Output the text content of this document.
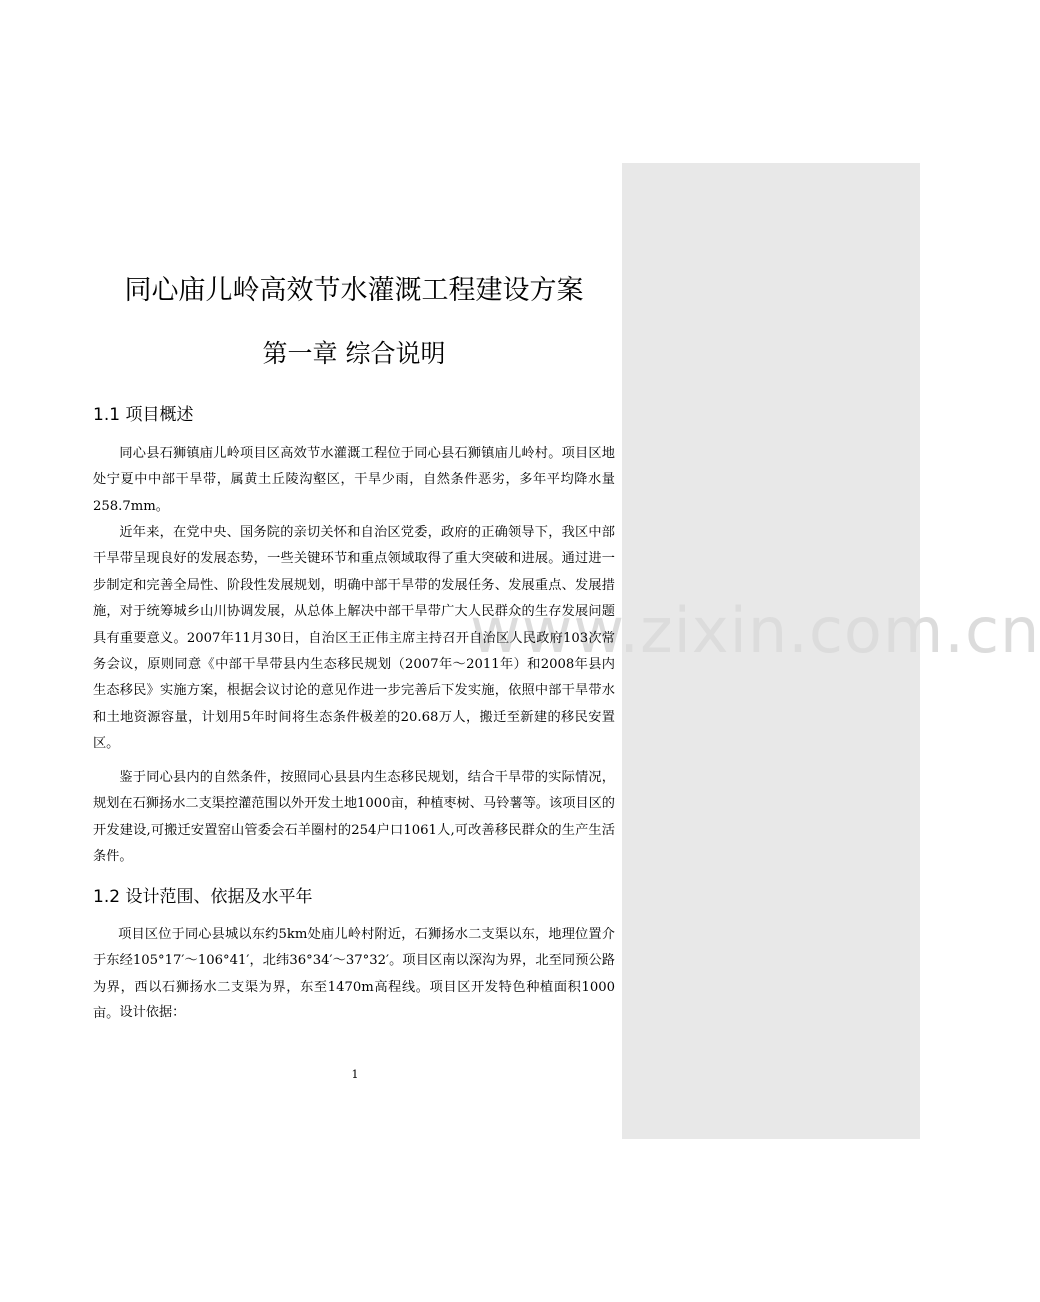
www.zixin.com.cn
同心庙儿岭高效节水灌溉工程建设方案
第一章 综合说明
1.1 项目概述

同心县石狮镇庙儿岭项目区高效节水灌溉工程位于同心县石狮镇庙儿岭村。项目区地处宁夏中中部干旱带，属黄土丘陵沟壑区，干旱少雨，自然条件恶劣，多年平均降水量258.7mm。

近年来，在党中央、国务院的亲切关怀和自治区党委，政府的正确领导下，我区中部干旱带呈现良好的发展态势，一些关键环节和重点领域取得了重大突破和进展。通过进一步制定和完善全局性、阶段性发展规划，明确中部干旱带的发展任务、发展重点、发展措施，对于统筹城乡山川协调发展，从总体上解决中部干旱带广大人民群众的生存发展问题具有重要意义。2007年11月30日，自治区王正伟主席主持召开自治区人民政府103次常务会议，原则同意《中部干旱带县内生态移民规划（2007年～2011年）和2008年县内生态移民》实施方案，根据会议讨论的意见作进一步完善后下发实施，依照中部干旱带水和土地资源容量，计划用5年时间将生态条件极差的20.68万人，搬迁至新建的移民安置区。

鉴于同心县内的自然条件，按照同心县县内生态移民规划，结合干旱带的实际情况，规划在石狮扬水二支渠控灌范围以外开发土地1000亩，种植枣树、马铃薯等。该项目区的开发建设,可搬迁安置窑山管委会石羊圈村的254户口1061人,可改善移民群众的生产生活条件。

1.2 设计范围、依据及水平年

项目区位于同心县城以东约5km处庙儿岭村附近，石狮扬水二支渠以东，地理位置介于东经105°17′～106°41′，北纬36°34′～37°32′。项目区南以深沟为界，北至同预公路为界，西以石狮扬水二支渠为界，东至1470m高程线。项目区开发特色种植面积1000亩。 设计依据：

1
